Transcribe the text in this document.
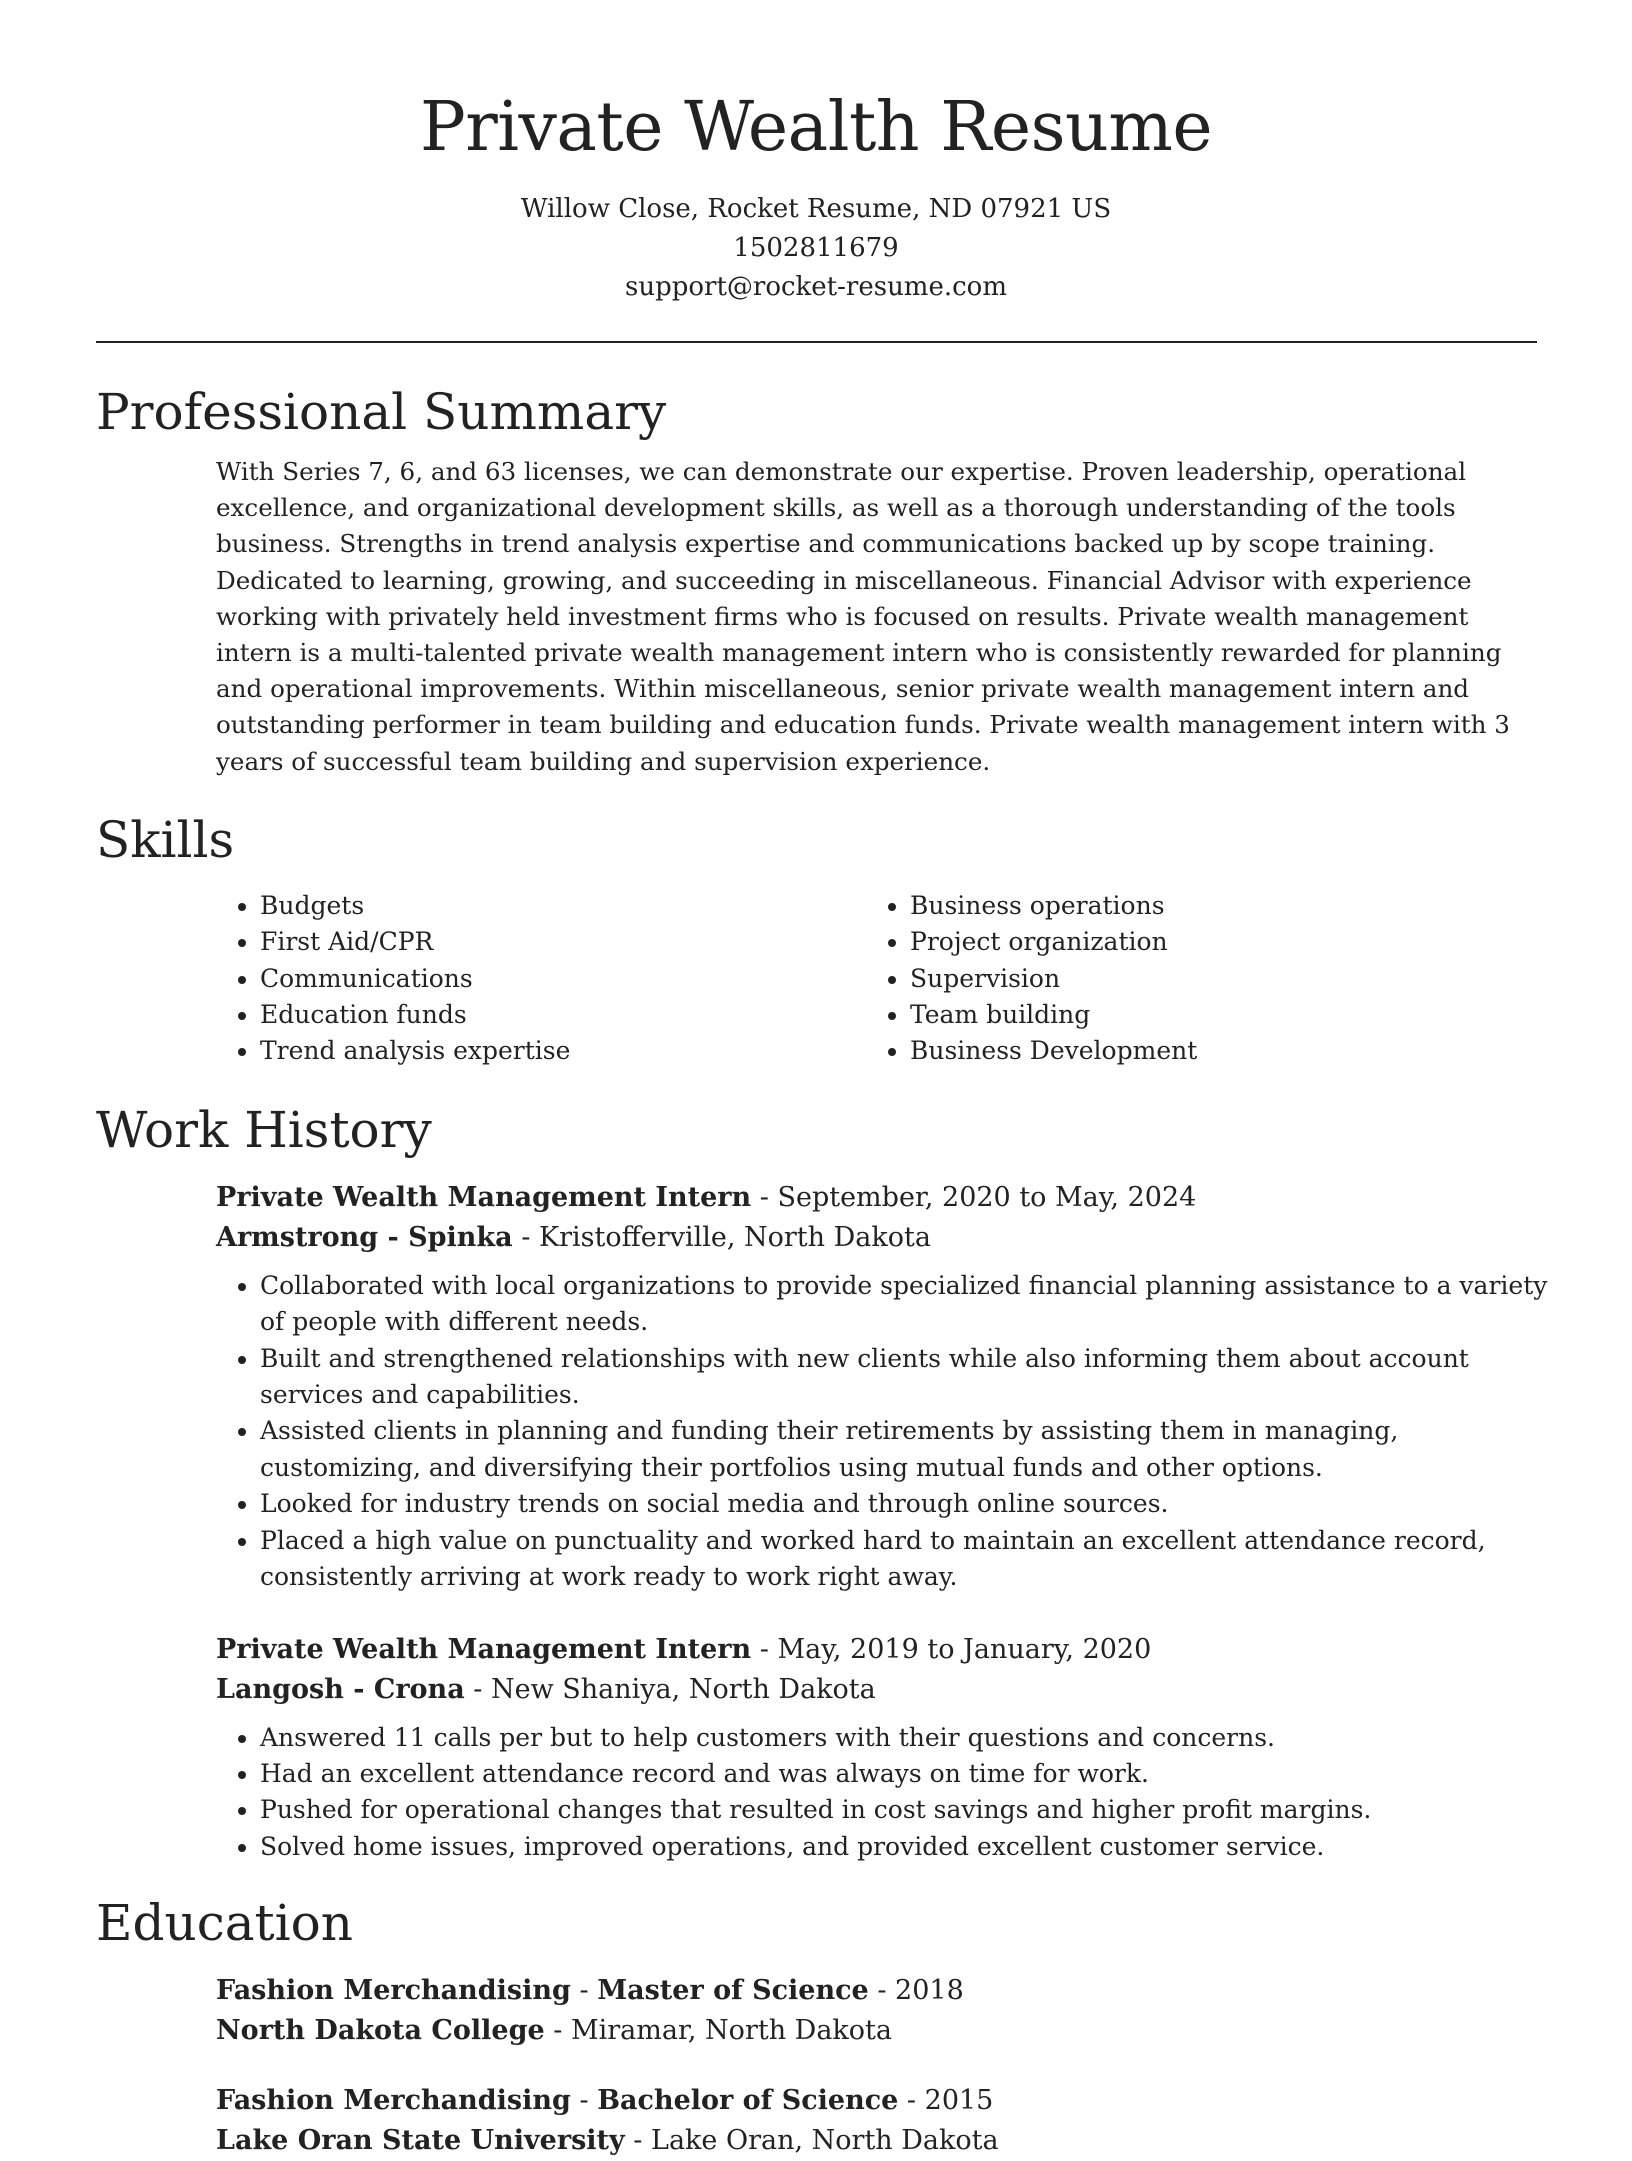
Private Wealth Resume
Willow Close, Rocket Resume, ND 07921 US
1502811679
support@rocket-resume.com
Professional Summary

With Series 7, 6, and 63 licenses, we can demonstrate our expertise. Proven leadership, operational excellence, and organizational development skills, as well as a thorough understanding of the tools business. Strengths in trend analysis expertise and communications backed up by scope training. Dedicated to learning, growing, and succeeding in miscellaneous. Financial Advisor with experience working with privately held investment firms who is focused on results. Private wealth management intern is a multi-talented private wealth management intern who is consistently rewarded for planning and operational improvements. Within miscellaneous, senior private wealth management intern and outstanding performer in team building and education funds. Private wealth management intern with 3 years of successful team building and supervision experience.

Skills
• Budgets
• First Aid/CPR
• Communications
• Education funds
• Trend analysis expertise
• Business operations
• Project organization
• Supervision
• Team building
• Business Development
Work History
Private Wealth Management Intern - September, 2020 to May, 2024
Armstrong - Spinka - Kristofferville, North Dakota
• Collaborated with local organizations to provide specialized financial planning assistance to a variety of people with different needs.
• Built and strengthened relationships with new clients while also informing them about account services and capabilities.
• Assisted clients in planning and funding their retirements by assisting them in managing, customizing, and diversifying their portfolios using mutual funds and other options.
• Looked for industry trends on social media and through online sources.
• Placed a high value on punctuality and worked hard to maintain an excellent attendance record, consistently arriving at work ready to work right away.
Private Wealth Management Intern - May, 2019 to January, 2020
Langosh - Crona - New Shaniya, North Dakota
• Answered 11 calls per but to help customers with their questions and concerns.
• Had an excellent attendance record and was always on time for work.
• Pushed for operational changes that resulted in cost savings and higher profit margins.
• Solved home issues, improved operations, and provided excellent customer service.
Education
Fashion Merchandising - Master of Science - 2018
North Dakota College - Miramar, North Dakota
Fashion Merchandising - Bachelor of Science - 2015
Lake Oran State University - Lake Oran, North Dakota
